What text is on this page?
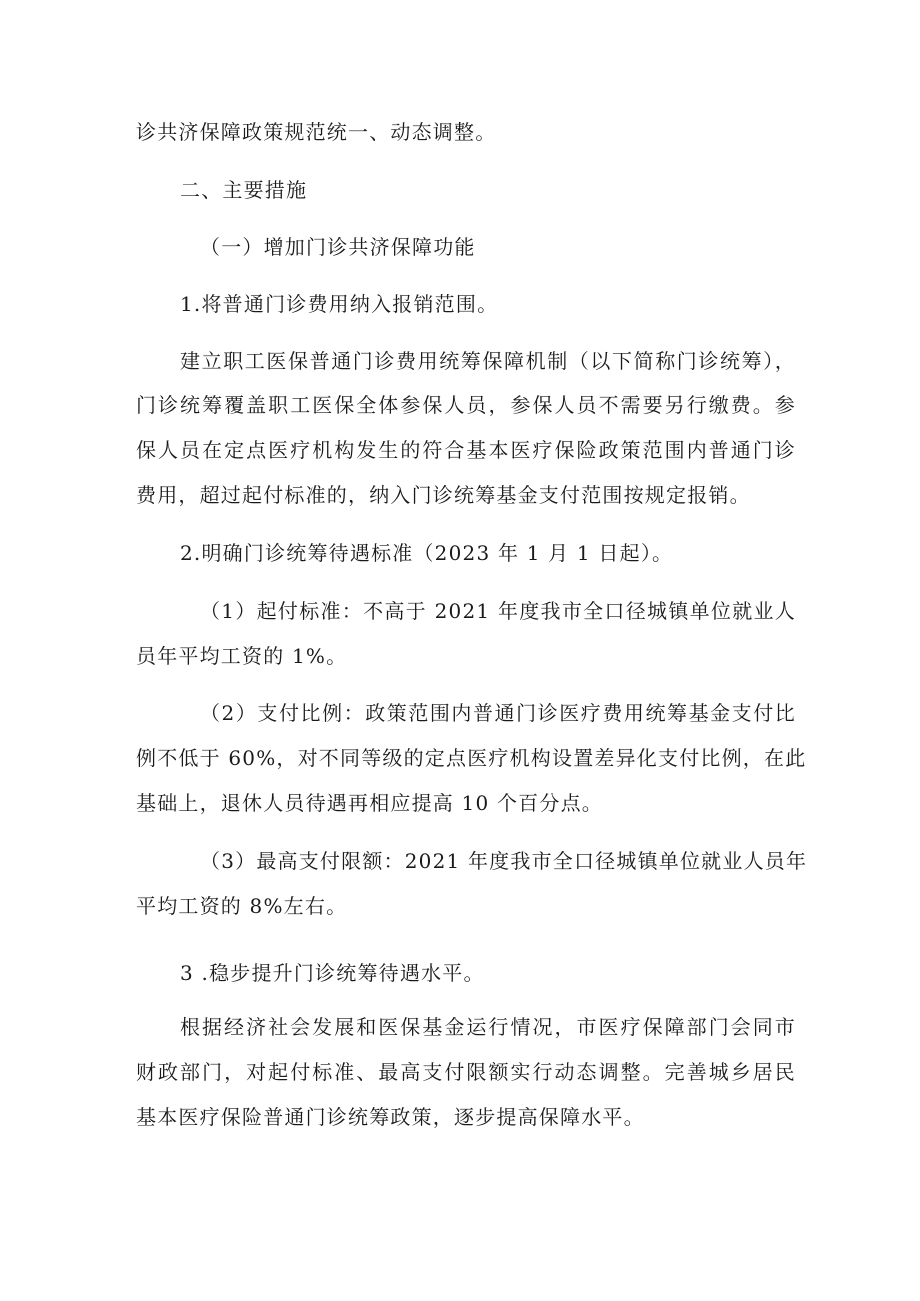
诊共济保障政策规范统一、动态调整。
二、主要措施
（一）增加门诊共济保障功能
1.将普通门诊费用纳入报销范围。
建立职工医保普通门诊费用统筹保障机制（以下简称门诊统筹），
门诊统筹覆盖职工医保全体参保人员，参保人员不需要另行缴费。参
保人员在定点医疗机构发生的符合基本医疗保险政策范围内普通门诊
费用，超过起付标准的，纳入门诊统筹基金支付范围按规定报销。
2.明确门诊统筹待遇标准（2023 年 1 月 1 日起）。
（1）起付标准：不高于 2021 年度我市全口径城镇单位就业人
员年平均工资的 1%。
（2）支付比例：政策范围内普通门诊医疗费用统筹基金支付比
例不低于 60%，对不同等级的定点医疗机构设置差异化支付比例，在此
基础上，退休人员待遇再相应提高 10 个百分点。
（3）最高支付限额：2021 年度我市全口径城镇单位就业人员年
平均工资的 8%左右。
3 .稳步提升门诊统筹待遇水平。
根据经济社会发展和医保基金运行情况，市医疗保障部门会同市
财政部门，对起付标准、最高支付限额实行动态调整。完善城乡居民
基本医疗保险普通门诊统筹政策，逐步提高保障水平。
